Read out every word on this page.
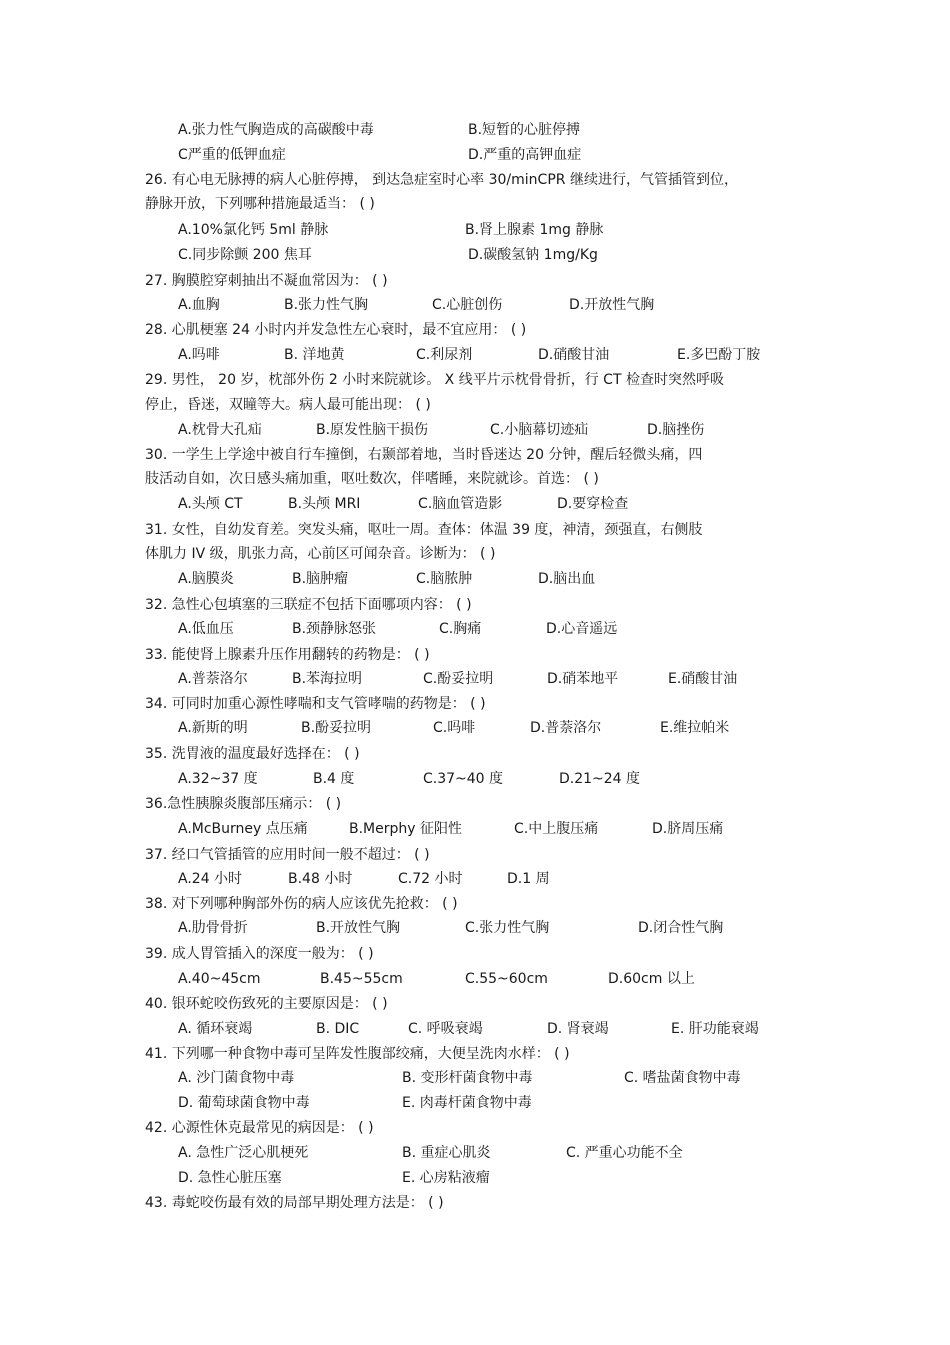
A.张力性气胸造成的高碳酸中毒	B.短暂的心脏停搏
C严重的低钾血症	D.严重的高钾血症
26. 有心电无脉搏的病人心脏停搏， 到达急症室时心率 30/minCPR 继续进行，气管插管到位，
静脉开放，下列哪种措施最适当： ( )
A.10%氯化钙 5ml 静脉	B.肾上腺素 1mg 静脉
C.同步除颤 200 焦耳	D.碳酸氢钠 1mg/Kg
27. 胸膜腔穿刺抽出不凝血常因为： ( )
A.血胸	B.张力性气胸	C.心脏创伤	D.开放性气胸
28. 心肌梗塞 24 小时内并发急性左心衰时，最不宜应用： ( )
A.吗啡	B. 洋地黄	C.利尿剂	D.硝酸甘油	E.多巴酚丁胺
29. 男性， 20 岁，枕部外伤 2 小时来院就诊。 X 线平片示枕骨骨折，行 CT 检查时突然呼吸
停止，昏迷，双瞳等大。病人最可能出现： ( )
A.枕骨大孔疝	B.原发性脑干损伤	C.小脑幕切迹疝	D.脑挫伤
30. 一学生上学途中被自行车撞倒，右颞部着地，当时昏迷达 20 分钟，醒后轻微头痛，四
肢活动自如，次日感头痛加重，呕吐数次，伴嗜睡，来院就诊。首选： ( )
A.头颅 CT	B.头颅 MRI	C.脑血管造影	D.要穿检查
31. 女性，自幼发育差。突发头痛，呕吐一周。查体：体温 39 度，神清，颈强直，右侧肢
体肌力 IV 级，肌张力高，心前区可闻杂音。诊断为： ( )
A.脑膜炎	B.脑肿瘤	C.脑脓肿	D.脑出血
32. 急性心包填塞的三联症不包括下面哪项内容： ( )
A.低血压	B.颈静脉怒张	C.胸痛	D.心音遥远
33. 能使肾上腺素升压作用翻转的药物是： ( )
A.普萘洛尔	B.苯海拉明	C.酚妥拉明	D.硝苯地平	E.硝酸甘油
34. 可同时加重心源性哮喘和支气管哮喘的药物是： ( )
A.新斯的明	B.酚妥拉明	C.吗啡	D.普萘洛尔	E.维拉帕米
35. 洗胃液的温度最好选择在： ( )
A.32~37 度	B.4 度	C.37~40 度	D.21~24 度
36.急性胰腺炎腹部压痛示： ( )
A.McBurney 点压痛	B.Merphy 征阳性	C.中上腹压痛	D.脐周压痛
37. 经口气管插管的应用时间一般不超过： ( )
A.24 小时	B.48 小时	C.72 小时	D.1 周
38. 对下列哪种胸部外伤的病人应该优先抢救： ( )
A.肋骨骨折	B.开放性气胸	C.张力性气胸	D.闭合性气胸
39. 成人胃管插入的深度一般为： ( )
A.40~45cm	B.45~55cm	C.55~60cm	D.60cm 以上
40. 银环蛇咬伤致死的主要原因是： ( )
A. 循环衰竭	B. DIC	C. 呼吸衰竭	D. 肾衰竭	E. 肝功能衰竭
41. 下列哪一种食物中毒可呈阵发性腹部绞痛，大便呈洗肉水样： ( )
A. 沙门菌食物中毒	B. 变形杆菌食物中毒	C. 嗜盐菌食物中毒
D. 葡萄球菌食物中毒	E. 肉毒杆菌食物中毒
42. 心源性休克最常见的病因是： ( )
A. 急性广泛心肌梗死	B. 重症心肌炎	C. 严重心功能不全
D. 急性心脏压塞	E. 心房粘液瘤
43. 毒蛇咬伤最有效的局部早期处理方法是： ( )
